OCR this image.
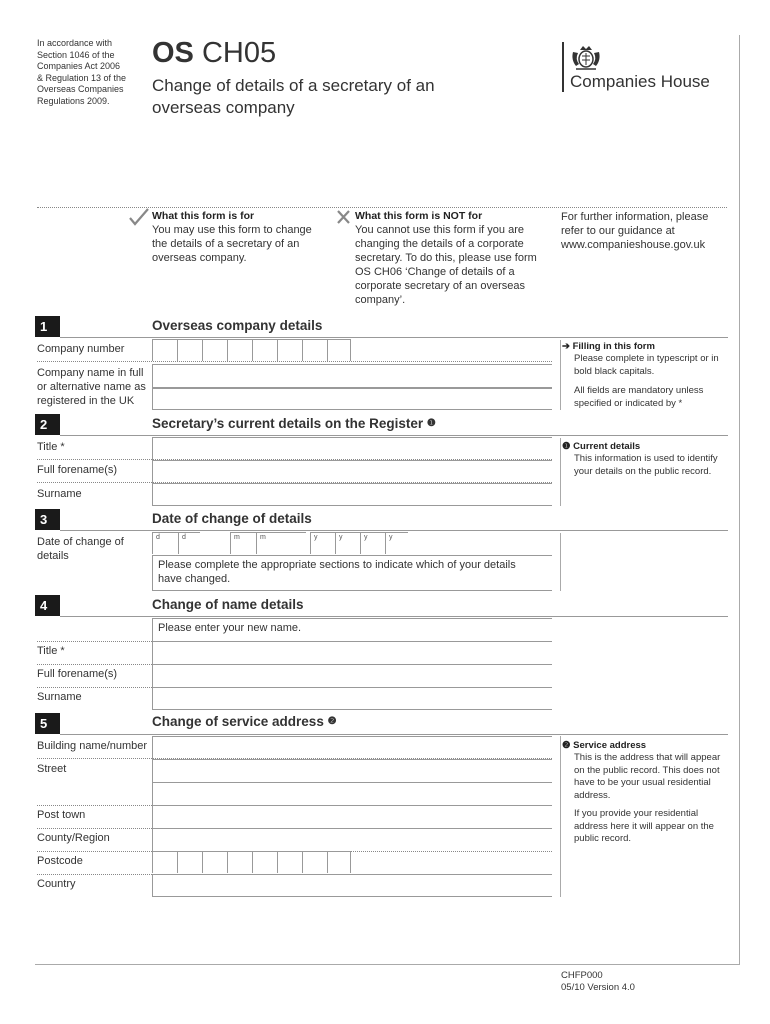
In accordance with
Section 1046 of the
Companies Act 2006
& Regulation 13 of the
Overseas Companies
Regulations 2009.
OS CH05
Change of details of a secretary of an
overseas company
Companies House
What this form is for
You may use this form to change
the details of a secretary of an
overseas company.
What this form is NOT for
You cannot use this form if you are
changing the details of a corporate
secretary. To do this, please use form
OS CH06 ‘Change of details of a
corporate secretary of an overseas
company’.
For further information, please
refer to our guidance at
www.companieshouse.gov.uk
1	Overseas company details
Company number
Company name in full
or alternative name as
registered in the UK
➔ Filling in this form
Please complete in typescript or in
bold black capitals.
All fields are mandatory unless
specified or indicated by *
2	Secretary’s current details on the Register ❶
Title *
Full forename(s)
Surname
❶ Current details
This information is used to identify
your details on the public record.
3	Date of change of details
Date of change of
details
d	d	m	m	y	y	y	y
Please complete the appropriate sections to indicate which of your details
have changed.
4	Change of name details
Please enter your new name.
Title *
Full forename(s)
Surname
5	Change of service address ❷
Building name/number
Street
Post town
County/Region
Postcode
Country
❷ Service address
This is the address that will appear
on the public record. This does not
have to be your usual residential
address.
If you provide your residential
address here it will appear on the
public record.
CHFP000
05/10 Version 4.0
